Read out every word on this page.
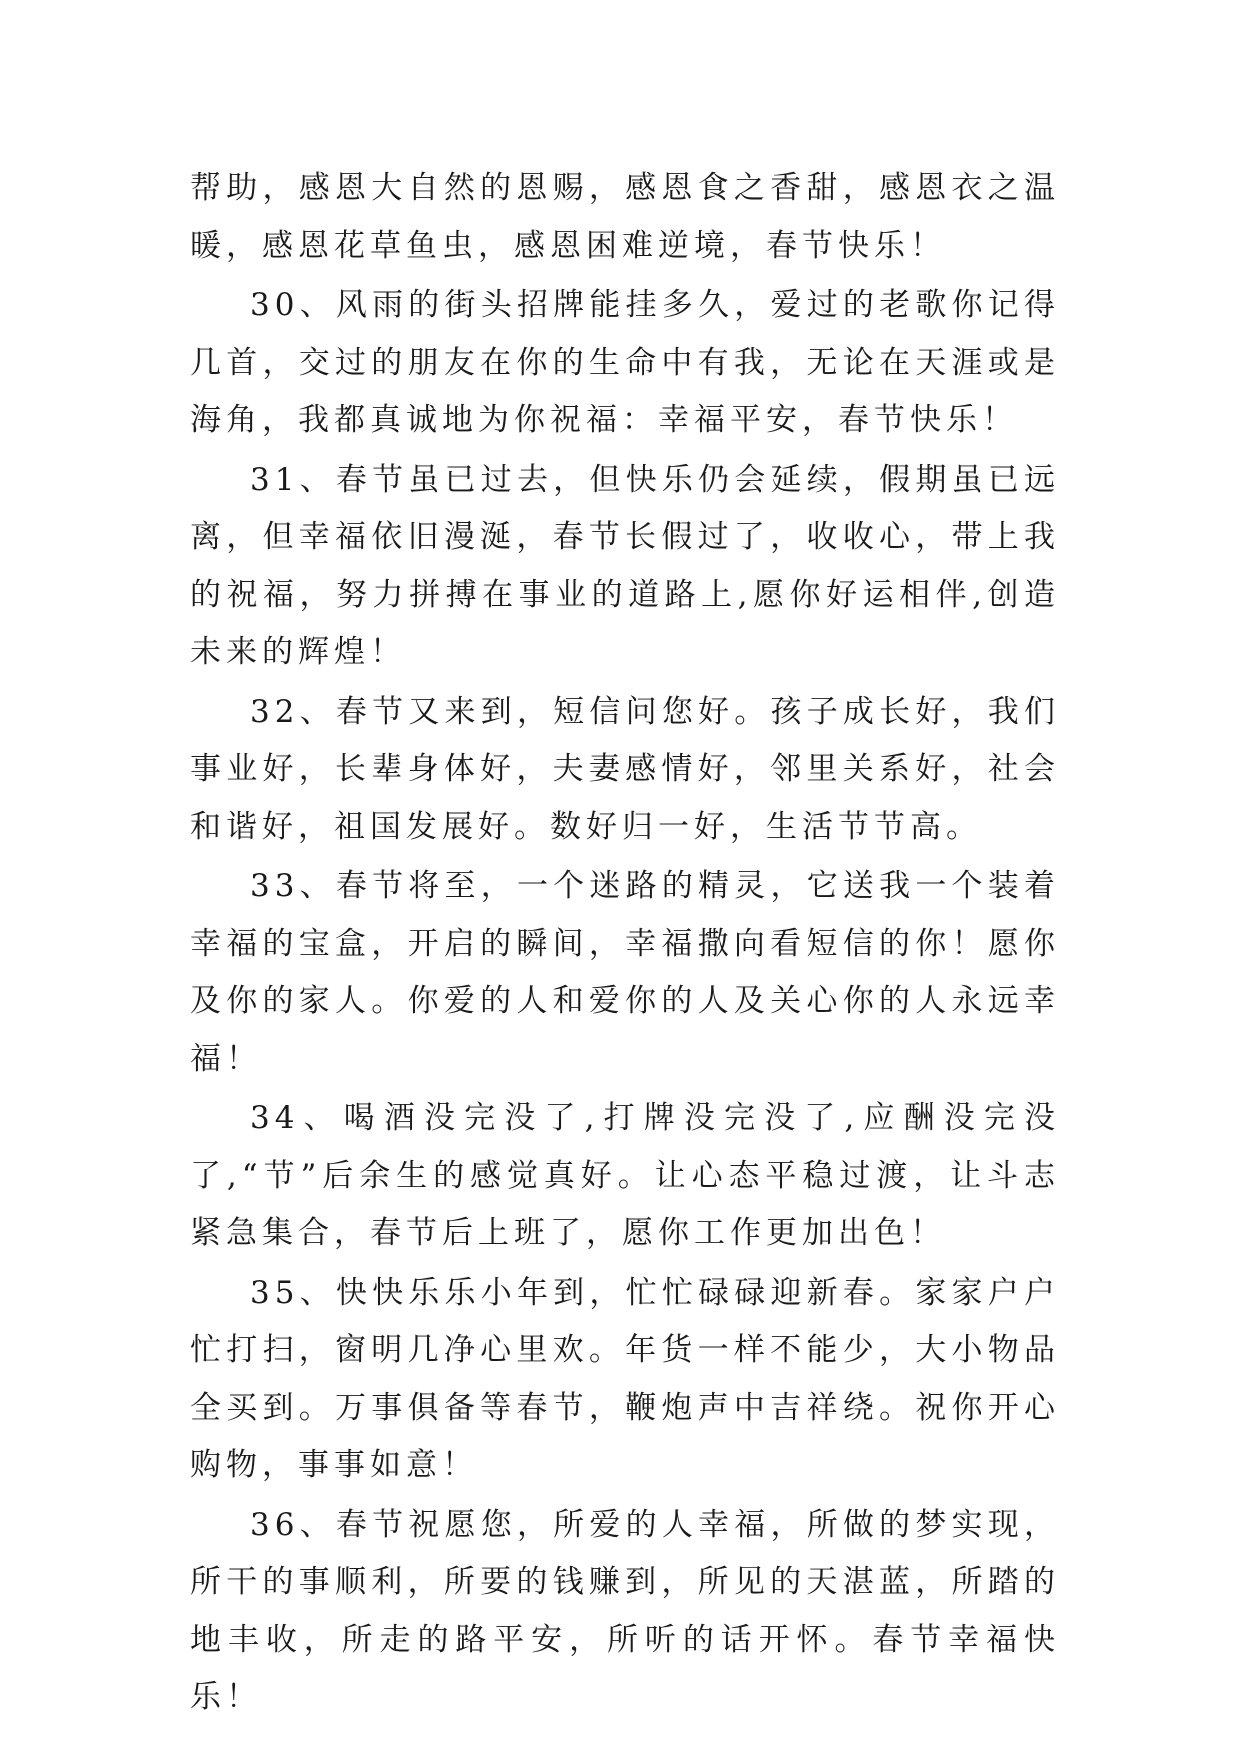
帮助，感恩大自然的恩赐，感恩食之香甜，感恩衣之温暖，感恩花草鱼虫，感恩困难逆境，春节快乐！

30、风雨的街头招牌能挂多久，爱过的老歌你记得几首，交过的朋友在你的生命中有我，无论在天涯或是海角，我都真诚地为你祝福：幸福平安，春节快乐！

31、春节虽已过去，但快乐仍会延续，假期虽已远离，但幸福依旧漫涎，春节长假过了，收收心，带上我的祝福，努力拼搏在事业的道路上,愿你好运相伴,创造未来的辉煌！

32、春节又来到，短信问您好。孩子成长好，我们事业好，长辈身体好，夫妻感情好，邻里关系好，社会和谐好，祖国发展好。数好归一好，生活节节高。

33、春节将至，一个迷路的精灵，它送我一个装着幸福的宝盒，开启的瞬间，幸福撒向看短信的你！愿你及你的家人。你爱的人和爱你的人及关心你的人永远幸福！

34、喝酒没完没了,打牌没完没了,应酬没完没了,“节”后余生的感觉真好。让心态平稳过渡，让斗志紧急集合，春节后上班了，愿你工作更加出色！

35、快快乐乐小年到，忙忙碌碌迎新春。家家户户忙打扫，窗明几净心里欢。年货一样不能少，大小物品全买到。万事俱备等春节，鞭炮声中吉祥绕。祝你开心购物，事事如意！

36、春节祝愿您，所爱的人幸福，所做的梦实现，所干的事顺利，所要的钱赚到，所见的天湛蓝，所踏的地丰收，所走的路平安，所听的话开怀。春节幸福快乐！
